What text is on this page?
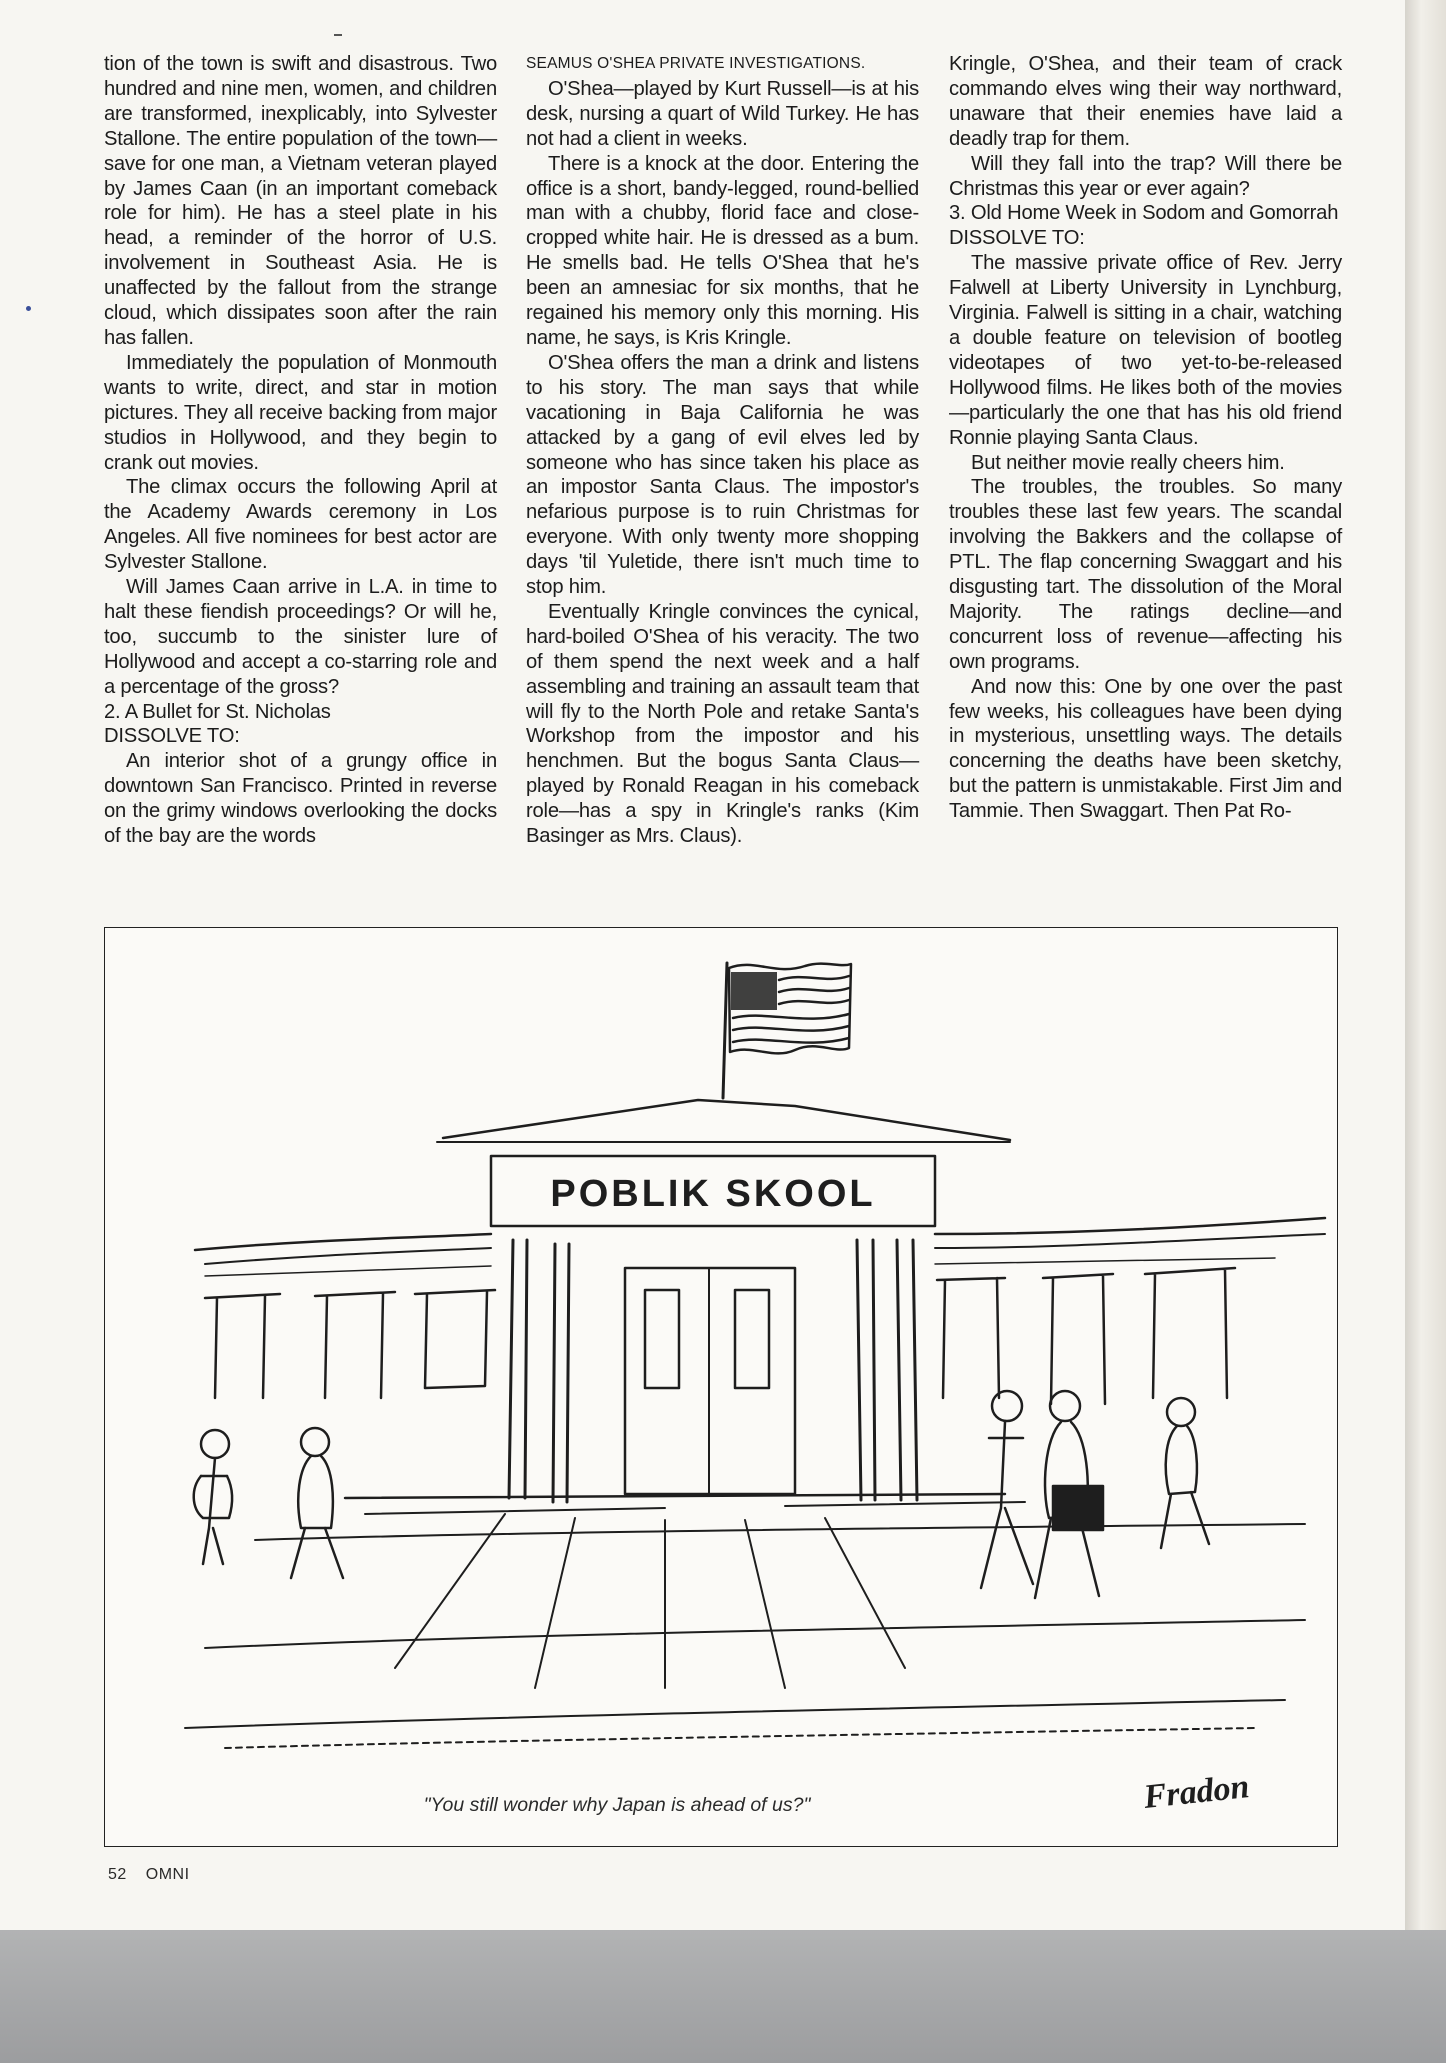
tion of the town is swift and disastrous. Two hundred and nine men, women, and children are transformed, inexplicably, into Sylvester Stallone. The entire population of the town—save for one man, a Vietnam veteran played by James Caan (in an important comeback role for him). He has a steel plate in his head, a reminder of the horror of U.S. involvement in Southeast Asia. He is unaffected by the fallout from the strange cloud, which dissipates soon after the rain has fallen.

Immediately the population of Monmouth wants to write, direct, and star in motion pictures. They all receive backing from major studios in Hollywood, and they begin to crank out movies.

The climax occurs the following April at the Academy Awards ceremony in Los Angeles. All five nominees for best actor are Sylvester Stallone.

Will James Caan arrive in L.A. in time to halt these fiendish proceedings? Or will he, too, succumb to the sinister lure of Hollywood and accept a co-starring role and a percentage of the gross?

2. A Bullet for St. Nicholas
DISSOLVE TO:

An interior shot of a grungy office in downtown San Francisco. Printed in reverse on the grimy windows overlooking the docks of the bay are the words

SEAMUS O'SHEA PRIVATE INVESTIGATIONS.

O'Shea—played by Kurt Russell—is at his desk, nursing a quart of Wild Turkey. He has not had a client in weeks.

There is a knock at the door. Entering the office is a short, bandy-legged, round-bellied man with a chubby, florid face and close-cropped white hair. He is dressed as a bum. He smells bad. He tells O'Shea that he's been an amnesiac for six months, that he regained his memory only this morning. His name, he says, is Kris Kringle.

O'Shea offers the man a drink and listens to his story. The man says that while vacationing in Baja California he was attacked by a gang of evil elves led by someone who has since taken his place as an impostor Santa Claus. The impostor's nefarious purpose is to ruin Christmas for everyone. With only twenty more shopping days 'til Yuletide, there isn't much time to stop him.

Eventually Kringle convinces the cynical, hard-boiled O'Shea of his veracity. The two of them spend the next week and a half assembling and training an assault team that will fly to the North Pole and retake Santa's Workshop from the impostor and his henchmen. But the bogus Santa Claus—played by Ronald Reagan in his comeback role—has a spy in Kringle's ranks (Kim Basinger as Mrs. Claus).

Kringle, O'Shea, and their team of crack commando elves wing their way northward, unaware that their enemies have laid a deadly trap for them.

Will they fall into the trap? Will there be Christmas this year or ever again?

3. Old Home Week in Sodom and Gomorrah
DISSOLVE TO:

The massive private office of Rev. Jerry Falwell at Liberty University in Lynchburg, Virginia. Falwell is sitting in a chair, watching a double feature on television of bootleg videotapes of two yet-to-be-released Hollywood films. He likes both of the movies—particularly the one that has his old friend Ronnie playing Santa Claus.

But neither movie really cheers him.

The troubles, the troubles. So many troubles these last few years. The scandal involving the Bakkers and the collapse of PTL. The flap concerning Swaggart and his disgusting tart. The dissolution of the Moral Majority. The ratings decline—and concurrent loss of revenue—affecting his own programs.

And now this: One by one over the past few weeks, his colleagues have been dying in mysterious, unsettling ways. The details concerning the deaths have been sketchy, but the pattern is unmistakable. First Jim and Tammie. Then Swaggart. Then Pat Ro-

POBLIK SKOOL
Fradon
"You still wonder why Japan is ahead of us?"
52 OMNI
